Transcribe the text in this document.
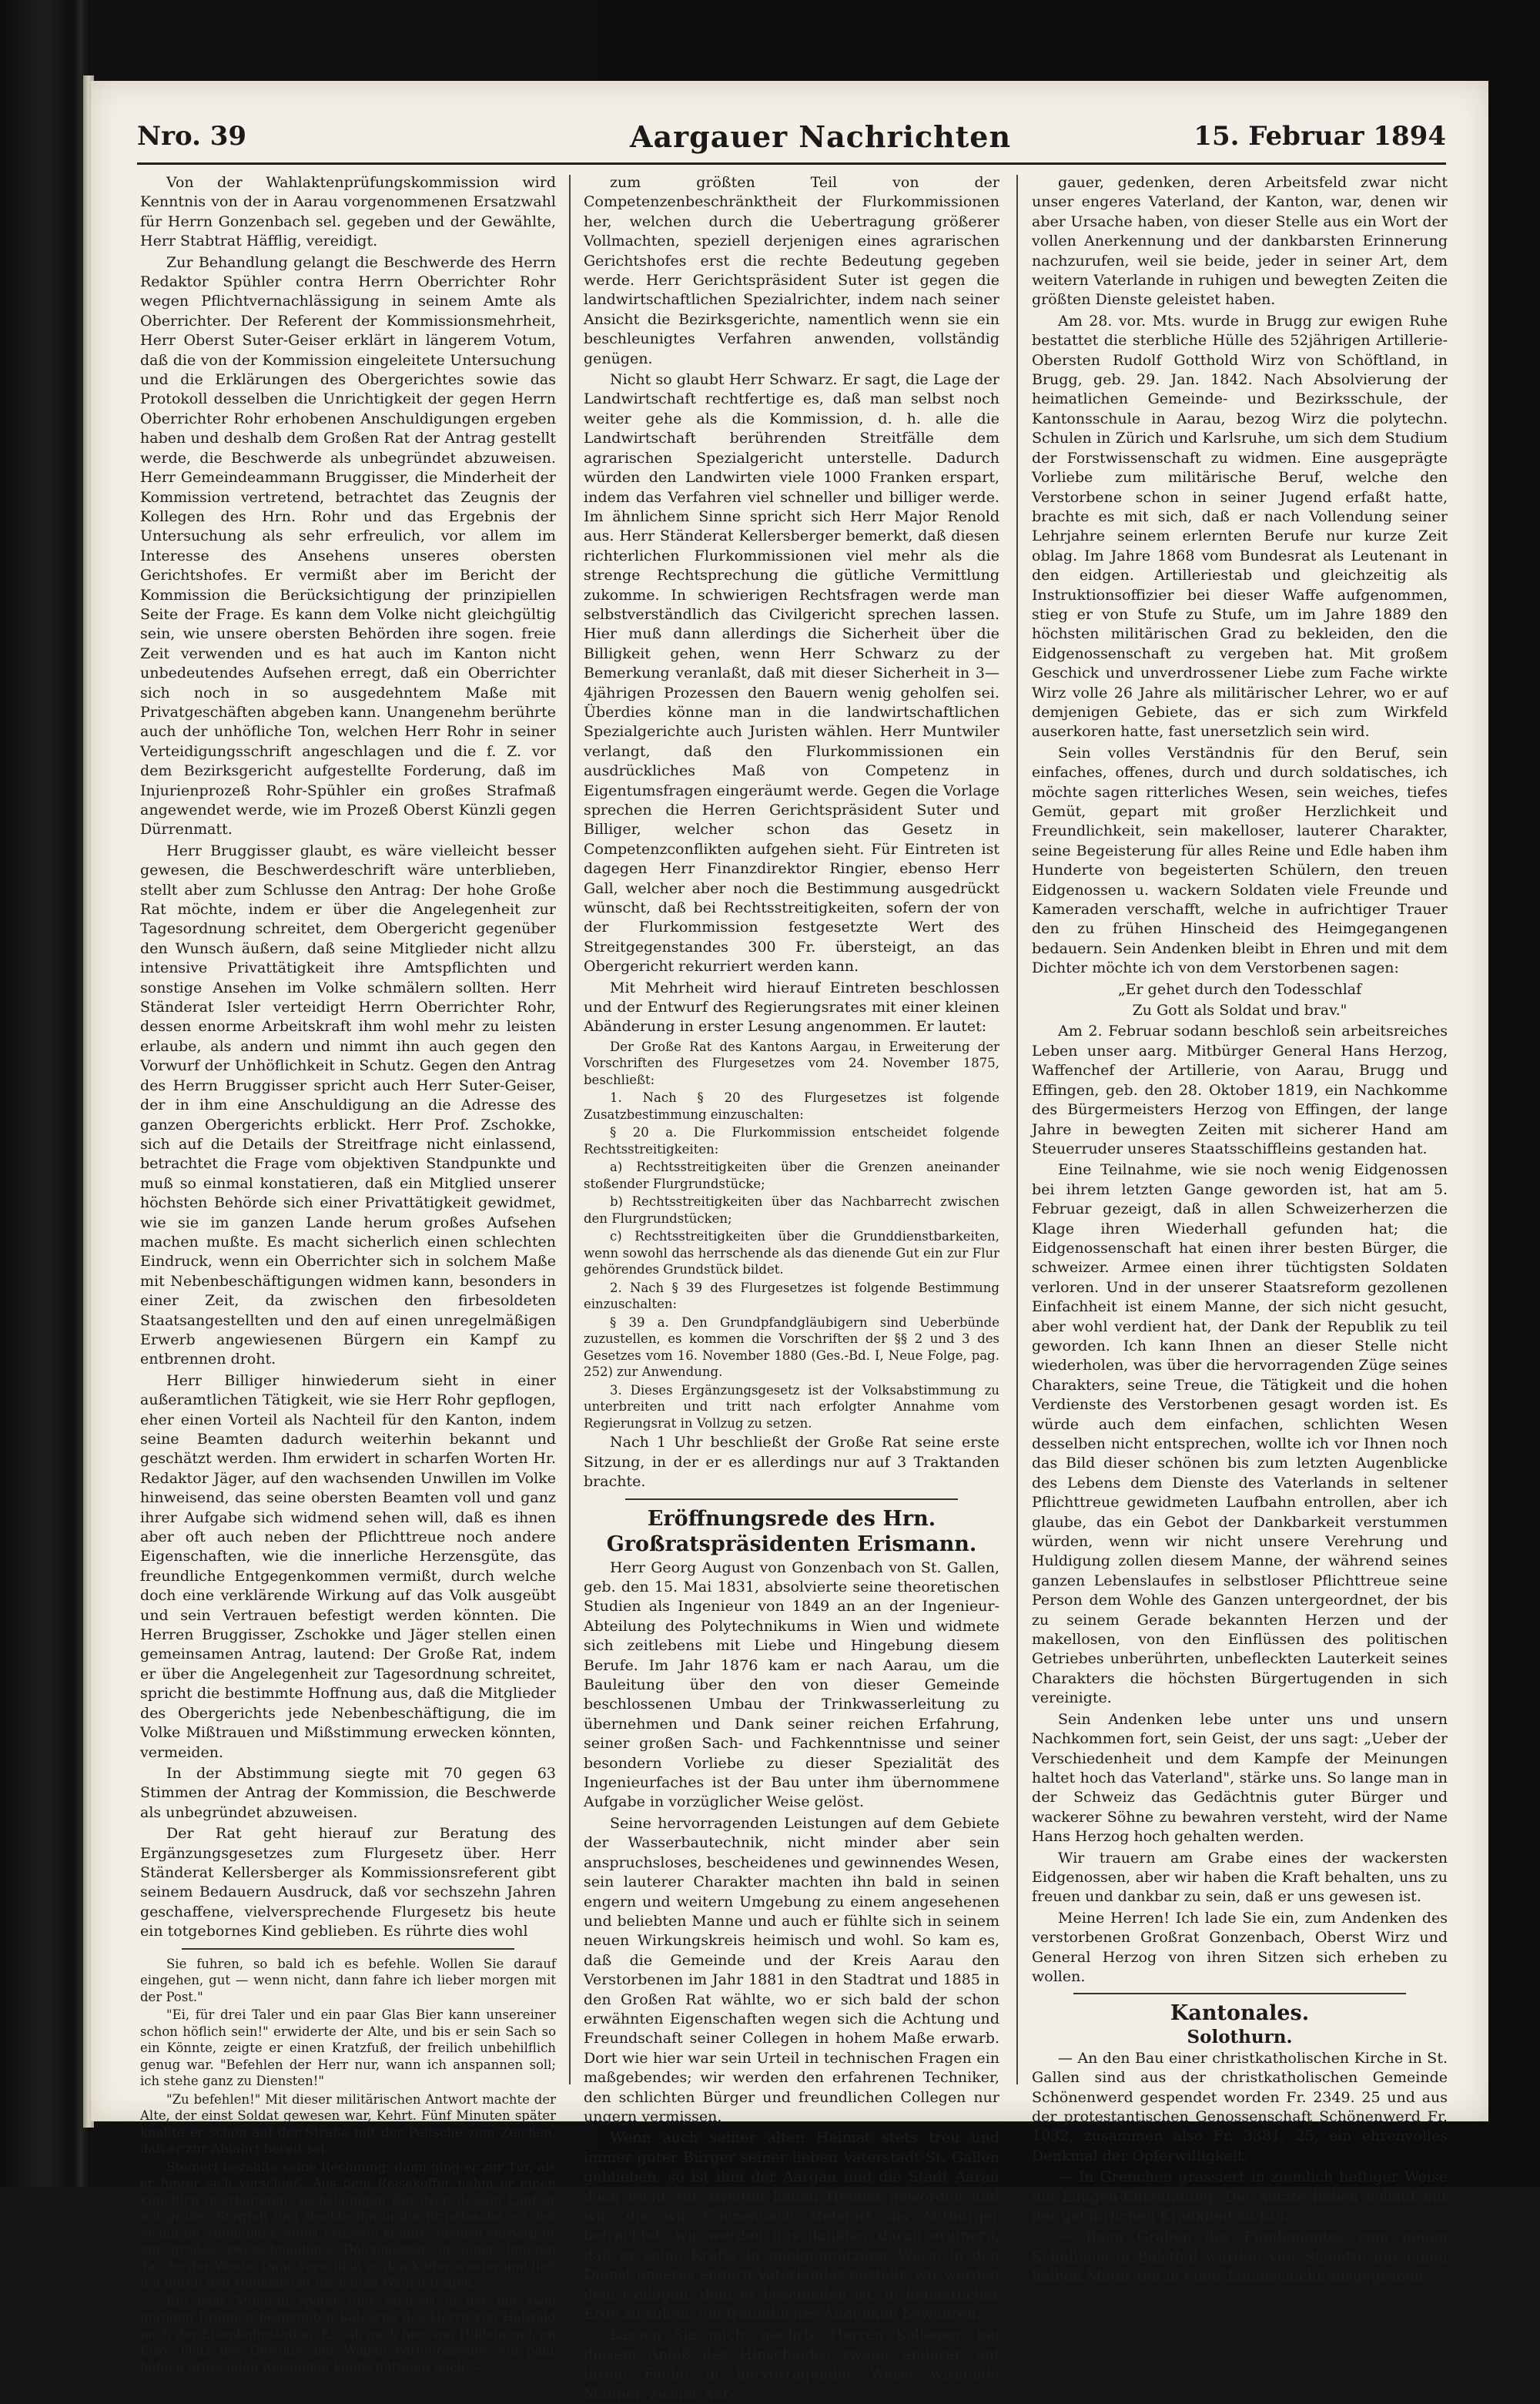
Nro. 39	Aargauer Nachrichten	15. Februar 1894

Von der Wahlaktenprüfungskommission wird Kenntnis von der in Aarau vorgenommenen Ersatzwahl für Herrn Gonzenbach sel. gegeben und der Gewählte, Herr Stabtrat Häfflig, vereidigt.

Zur Behandlung gelangt die Beschwerde des Herrn Redaktor Spühler contra Herrn Oberrichter Rohr wegen Pflichtvernachlässigung in seinem Amte als Oberrichter. Der Referent der Kommissionsmehrheit, Herr Oberst Suter-Geiser erklärt in längerem Votum, daß die von der Kommission eingeleitete Untersuchung und die Erklärungen des Obergerichtes sowie das Protokoll desselben die Unrichtigkeit der gegen Herrn Oberrichter Rohr erhobenen Anschuldigungen ergeben haben und deshalb dem Großen Rat der Antrag gestellt werde, die Beschwerde als unbegründet abzuweisen. Herr Gemeindeammann Bruggisser, die Minderheit der Kommission vertretend, betrachtet das Zeugnis der Kollegen des Hrn. Rohr und das Ergebnis der Untersuchung als sehr erfreulich, vor allem im Interesse des Ansehens unseres obersten Gerichtshofes. Er vermißt aber im Bericht der Kommission die Berücksichtigung der prinzipiellen Seite der Frage. Es kann dem Volke nicht gleichgültig sein, wie unsere obersten Behörden ihre sogen. freie Zeit verwenden und es hat auch im Kanton nicht unbedeutendes Aufsehen erregt, daß ein Oberrichter sich noch in so ausgedehntem Maße mit Privatgeschäften abgeben kann. Unangenehm berührte auch der unhöfliche Ton, welchen Herr Rohr in seiner Verteidigungsschrift angeschlagen und die f. Z. vor dem Bezirksgericht aufgestellte Forderung, daß im Injurienprozeß Rohr-Spühler ein großes Strafmaß angewendet werde, wie im Prozeß Oberst Künzli gegen Dürrenmatt.

Herr Bruggisser glaubt, es wäre vielleicht besser gewesen, die Beschwerdeschrift wäre unterblieben, stellt aber zum Schlusse den Antrag: Der hohe Große Rat möchte, indem er über die Angelegenheit zur Tagesordnung schreitet, dem Obergericht gegenüber den Wunsch äußern, daß seine Mitglieder nicht allzu intensive Privattätigkeit ihre Amtspflichten und sonstige Ansehen im Volke schmälern sollten. Herr Ständerat Isler verteidigt Herrn Oberrichter Rohr, dessen enorme Arbeitskraft ihm wohl mehr zu leisten erlaube, als andern und nimmt ihn auch gegen den Vorwurf der Unhöflichkeit in Schutz. Gegen den Antrag des Herrn Bruggisser spricht auch Herr Suter-Geiser, der in ihm eine Anschuldigung an die Adresse des ganzen Obergerichts erblickt. Herr Prof. Zschokke, sich auf die Details der Streitfrage nicht einlassend, betrachtet die Frage vom objektiven Standpunkte und muß so einmal konstatieren, daß ein Mitglied unserer höchsten Behörde sich einer Privattätigkeit gewidmet, wie sie im ganzen Lande herum großes Aufsehen machen mußte. Es macht sicherlich einen schlechten Eindruck, wenn ein Oberrichter sich in solchem Maße mit Nebenbeschäftigungen widmen kann, besonders in einer Zeit, da zwischen den firbesoldeten Staatsangestellten und den auf einen unregelmäßigen Erwerb angewiesenen Bürgern ein Kampf zu entbrennen droht.

Herr Billiger hinwiederum sieht in einer außeramtlichen Tätigkeit, wie sie Herr Rohr gepflogen, eher einen Vorteil als Nachteil für den Kanton, indem seine Beamten dadurch weiterhin bekannt und geschätzt werden. Ihm erwidert in scharfen Worten Hr. Redaktor Jäger, auf den wachsenden Unwillen im Volke hinweisend, das seine obersten Beamten voll und ganz ihrer Aufgabe sich widmend sehen will, daß es ihnen aber oft auch neben der Pflichttreue noch andere Eigenschaften, wie die innerliche Herzensgüte, das freundliche Entgegenkommen vermißt, durch welche doch eine verklärende Wirkung auf das Volk ausgeübt und sein Vertrauen befestigt werden könnten. Die Herren Bruggisser, Zschokke und Jäger stellen einen gemeinsamen Antrag, lautend: Der Große Rat, indem er über die Angelegenheit zur Tagesordnung schreitet, spricht die bestimmte Hoffnung aus, daß die Mitglieder des Obergerichts jede Nebenbeschäftigung, die im Volke Mißtrauen und Mißstimmung erwecken könnten, vermeiden.

In der Abstimmung siegte mit 70 gegen 63 Stimmen der Antrag der Kommission, die Beschwerde als unbegründet abzuweisen.

Der Rat geht hierauf zur Beratung des Ergänzungsgesetzes zum Flurgesetz über. Herr Ständerat Kellersberger als Kommissionsreferent gibt seinem Bedauern Ausdruck, daß vor sechszehn Jahren geschaffene, vielversprechende Flurgesetz bis heute ein totgebornes Kind geblieben. Es rührte dies wohl

Sie fuhren, so bald ich es befehle. Wollen Sie darauf eingehen, gut — wenn nicht, dann fahre ich lieber morgen mit der Post."

"Ei, für drei Taler und ein paar Glas Bier kann unsereiner schon höflich sein!" erwiderte der Alte, und bis er sein Sach so ein Könnte, zeigte er einen Kratzfuß, der freilich unbehilflich genug war. "Befehlen der Herr nur, wann ich anspannen soll; ich stehe ganz zu Diensten!"

"Zu befehlen!" Mit dieser militärischen Antwort machte der Alte, der einst Soldat gewesen war, Kehrt. Fünf Minuten später knallte er schon auf der Straße mit der Peitsche zum Zeichen, daß er zur Abfahrt bereit sei.

Steinert bezahlte seine Rechnung, dann ging er zur Tür, als er hinter sich verschloß. Aus dem Reisekoffer nahm er einen künstlich gearbeiteten, sechsläufigen Revolver, dessen Lauf er mit großer Sorgfalt und steckte ihn in die Brusttasche, so daß er ihn im Augenblick sofort erfassen konnte; ebenso verbarg er ein großes zweischneidiges Dolchmesser in einer inneren Tasche der Weste. Dann verschloß er den Koffer wieder und ließ ihn durch den Hausknecht nach dem Wagen tragen.

Ein paar Minuten später fuhr Steinert in der mit zwei mutigen Braunen bespannten Kalesche des Herrn von Helwald nach der Eisenbahnstation. Er sah auch hier von Hildebrand, an Ecke Platz des Gewölbe der Wagen vorbeirasselte, ein paar höflich grüßenden Reisenden kopfschüttelnd nach. —

zum größten Teil von der Competenzenbeschränktheit der Flurkommissionen her, welchen durch die Uebertragung größerer Vollmachten, speziell derjenigen eines agrarischen Gerichtshofes erst die rechte Bedeutung gegeben werde. Herr Gerichtspräsident Suter ist gegen die landwirtschaftlichen Spezialrichter, indem nach seiner Ansicht die Bezirksgerichte, namentlich wenn sie ein beschleunigtes Verfahren anwenden, vollständig genügen.

Nicht so glaubt Herr Schwarz. Er sagt, die Lage der Landwirtschaft rechtfertige es, daß man selbst noch weiter gehe als die Kommission, d. h. alle die Landwirtschaft berührenden Streitfälle dem agrarischen Spezialgericht unterstelle. Dadurch würden den Landwirten viele 1000 Franken erspart, indem das Verfahren viel schneller und billiger werde. Im ähnlichem Sinne spricht sich Herr Major Renold aus. Herr Ständerat Kellersberger bemerkt, daß diesen richterlichen Flurkommissionen viel mehr als die strenge Rechtsprechung die gütliche Vermittlung zukomme. In schwierigen Rechtsfragen werde man selbstverständlich das Civilgericht sprechen lassen. Hier muß dann allerdings die Sicherheit über die Billigkeit gehen, wenn Herr Schwarz zu der Bemerkung veranlaßt, daß mit dieser Sicherheit in 3—4jährigen Prozessen den Bauern wenig geholfen sei. Überdies könne man in die landwirtschaftlichen Spezialgerichte auch Juristen wählen. Herr Muntwiler verlangt, daß den Flurkommissionen ein ausdrückliches Maß von Competenz in Eigentumsfragen eingeräumt werde. Gegen die Vorlage sprechen die Herren Gerichtspräsident Suter und Billiger, welcher schon das Gesetz in Competenzconflikten aufgehen sieht. Für Eintreten ist dagegen Herr Finanzdirektor Ringier, ebenso Herr Gall, welcher aber noch die Bestimmung ausgedrückt wünscht, daß bei Rechtsstreitigkeiten, sofern der von der Flurkommission festgesetzte Wert des Streitgegenstandes 300 Fr. übersteigt, an das Obergericht rekurriert werden kann.

Mit Mehrheit wird hierauf Eintreten beschlossen und der Entwurf des Regierungsrates mit einer kleinen Abänderung in erster Lesung angenommen. Er lautet:

Der Große Rat des Kantons Aargau, in Erweiterung der Vorschriften des Flurgesetzes vom 24. November 1875, beschließt:

1. Nach § 20 des Flurgesetzes ist folgende Zusatzbestimmung einzuschalten:

§ 20 a. Die Flurkommission entscheidet folgende Rechtsstreitigkeiten:

a) Rechtsstreitigkeiten über die Grenzen aneinander stoßender Flurgrundstücke;

b) Rechtsstreitigkeiten über das Nachbarrecht zwischen den Flurgrundstücken;

c) Rechtsstreitigkeiten über die Grunddienstbarkeiten, wenn sowohl das herrschende als das dienende Gut ein zur Flur gehörendes Grundstück bildet.

2. Nach § 39 des Flurgesetzes ist folgende Bestimmung einzuschalten:

§ 39 a. Den Grundpfandgläubigern sind Ueberbünde zuzustellen, es kommen die Vorschriften der §§ 2 und 3 des Gesetzes vom 16. November 1880 (Ges.-Bd. I, Neue Folge, pag. 252) zur Anwendung.

3. Dieses Ergänzungsgesetz ist der Volksabstimmung zu unterbreiten und tritt nach erfolgter Annahme vom Regierungsrat in Vollzug zu setzen.

Nach 1 Uhr beschließt der Große Rat seine erste Sitzung, in der er es allerdings nur auf 3 Traktanden brachte.

Eröffnungsrede des Hrn. Großratspräsidenten Erismann.

Herr Georg August von Gonzenbach von St. Gallen, geb. den 15. Mai 1831, absolvierte seine theoretischen Studien als Ingenieur von 1849 an an der Ingenieur-Abteilung des Polytechnikums in Wien und widmete sich zeitlebens mit Liebe und Hingebung diesem Berufe. Im Jahr 1876 kam er nach Aarau, um die Bauleitung über den von dieser Gemeinde beschlossenen Umbau der Trinkwasserleitung zu übernehmen und Dank seiner reichen Erfahrung, seiner großen Sach- und Fachkenntnisse und seiner besondern Vorliebe zu dieser Spezialität des Ingenieurfaches ist der Bau unter ihm übernommene Aufgabe in vorzüglicher Weise gelöst.

Seine hervorragenden Leistungen auf dem Gebiete der Wasserbautechnik, nicht minder aber sein anspruchsloses, bescheidenes und gewinnendes Wesen, sein lauterer Charakter machten ihn bald in seinen engern und weitern Umgebung zu einem angesehenen und beliebten Manne und auch er fühlte sich in seinem neuen Wirkungskreis heimisch und wohl. So kam es, daß die Gemeinde und der Kreis Aarau den Verstorbenen im Jahr 1881 in den Stadtrat und 1885 in den Großen Rat wählte, wo er sich bald der schon erwähnten Eigenschaften wegen sich die Achtung und Freundschaft seiner Collegen in hohem Maße erwarb. Dort wie hier war sein Urteil in technischen Fragen ein maßgebendes; wir werden den erfahrenen Techniker, den schlichten Bürger und freundlichen Collegen nur ungern vermissen.

Wenn auch seiner alten Heimat stets treu und immer guter Bürger seiner lieben Vaterstadt St. Gallen geblieben, so ist ihm der Aargau und die Stadt Aarau doch recht zur zweiten lieben Heimat geworden und wir, die wir Gonzenbach stetsfort als Mitbürger betrachtet, wir werden uns dankbar daran erinnern, daß er seine Kräfte in uneigennütziger Weise in den Dienst unseres engern Vaterlandes gestellt; wir werden dem Collegen, dem es beschieden ist, in heimatlicher Erde zu ruhen, ein freundliches Andenken bewahren.

Lassen Sie mich, geehrte Herren Kollegen, bei diesem Anlaß des Hinscheides zweier anderer, auf ihrem Fache in hervorragender Weise wirkende Männer, zweier Aar-

gauer, gedenken, deren Arbeitsfeld zwar nicht unser engeres Vaterland, der Kanton, war, denen wir aber Ursache haben, von dieser Stelle aus ein Wort der vollen Anerkennung und der dankbarsten Erinnerung nachzurufen, weil sie beide, jeder in seiner Art, dem weitern Vaterlande in ruhigen und bewegten Zeiten die größten Dienste geleistet haben.

Am 28. vor. Mts. wurde in Brugg zur ewigen Ruhe bestattet die sterbliche Hülle des 52jährigen Artillerie-Obersten Rudolf Gotthold Wirz von Schöftland, in Brugg, geb. 29. Jan. 1842. Nach Absolvierung der heimatlichen Gemeinde- und Bezirksschule, der Kantonsschule in Aarau, bezog Wirz die polytechn. Schulen in Zürich und Karlsruhe, um sich dem Studium der Forstwissenschaft zu widmen. Eine ausgeprägte Vorliebe zum militärische Beruf, welche den Verstorbene schon in seiner Jugend erfaßt hatte, brachte es mit sich, daß er nach Vollendung seiner Lehrjahre seinem erlernten Berufe nur kurze Zeit oblag. Im Jahre 1868 vom Bundesrat als Leutenant in den eidgen. Artilleriestab und gleichzeitig als Instruktionsoffizier bei dieser Waffe aufgenommen, stieg er von Stufe zu Stufe, um im Jahre 1889 den höchsten militärischen Grad zu bekleiden, den die Eidgenossenschaft zu vergeben hat. Mit großem Geschick und unverdrossener Liebe zum Fache wirkte Wirz volle 26 Jahre als militärischer Lehrer, wo er auf demjenigen Gebiete, das er sich zum Wirkfeld auserkoren hatte, fast unersetzlich sein wird.

Sein volles Verständnis für den Beruf, sein einfaches, offenes, durch und durch soldatisches, ich möchte sagen ritterliches Wesen, sein weiches, tiefes Gemüt, gepart mit großer Herzlichkeit und Freundlichkeit, sein makelloser, lauterer Charakter, seine Begeisterung für alles Reine und Edle haben ihm Hunderte von begeisterten Schülern, den treuen Eidgenossen u. wackern Soldaten viele Freunde und Kameraden verschafft, welche in aufrichtiger Trauer den zu frühen Hinscheid des Heimgegangenen bedauern. Sein Andenken bleibt in Ehren und mit dem Dichter möchte ich von dem Verstorbenen sagen:

„Er gehet durch den Todesschlaf

Zu Gott als Soldat und brav."

Am 2. Februar sodann beschloß sein arbeitsreiches Leben unser aarg. Mitbürger General Hans Herzog, Waffenchef der Artillerie, von Aarau, Brugg und Effingen, geb. den 28. Oktober 1819, ein Nachkomme des Bürgermeisters Herzog von Effingen, der lange Jahre in bewegten Zeiten mit sicherer Hand am Steuerruder unseres Staatsschiffleins gestanden hat.

Eine Teilnahme, wie sie noch wenig Eidgenossen bei ihrem letzten Gange geworden ist, hat am 5. Februar gezeigt, daß in allen Schweizerherzen die Klage ihren Wiederhall gefunden hat; die Eidgenossenschaft hat einen ihrer besten Bürger, die schweizer. Armee einen ihrer tüchtigsten Soldaten verloren. Und in der unserer Staatsreform gezollenen Einfachheit ist einem Manne, der sich nicht gesucht, aber wohl verdient hat, der Dank der Republik zu teil geworden. Ich kann Ihnen an dieser Stelle nicht wiederholen, was über die hervorragenden Züge seines Charakters, seine Treue, die Tätigkeit und die hohen Verdienste des Verstorbenen gesagt worden ist. Es würde auch dem einfachen, schlichten Wesen desselben nicht entsprechen, wollte ich vor Ihnen noch das Bild dieser schönen bis zum letzten Augenblicke des Lebens dem Dienste des Vaterlands in seltener Pflichttreue gewidmeten Laufbahn entrollen, aber ich glaube, das ein Gebot der Dankbarkeit verstummen würden, wenn wir nicht unsere Verehrung und Huldigung zollen diesem Manne, der während seines ganzen Lebenslaufes in selbstloser Pflichttreue seine Person dem Wohle des Ganzen untergeordnet, der bis zu seinem Gerade bekannten Herzen und der makellosen, von den Einflüssen des politischen Getriebes unberührten, unbefleckten Lauterkeit seines Charakters die höchsten Bürgertugenden in sich vereinigte.

Sein Andenken lebe unter uns und unsern Nachkommen fort, sein Geist, der uns sagt: „Ueber der Verschiedenheit und dem Kampfe der Meinungen haltet hoch das Vaterland", stärke uns. So lange man in der Schweiz das Gedächtnis guter Bürger und wackerer Söhne zu bewahren versteht, wird der Name Hans Herzog hoch gehalten werden.

Wir trauern am Grabe eines der wackersten Eidgenossen, aber wir haben die Kraft behalten, uns zu freuen und dankbar zu sein, daß er uns gewesen ist.

Meine Herren! Ich lade Sie ein, zum Andenken des verstorbenen Großrat Gonzenbach, Oberst Wirz und General Herzog von ihren Sitzen sich erheben zu wollen.

Kantonales.

Solothurn.

— An den Bau einer christkatholischen Kirche in St. Gallen sind aus der christkatholischen Gemeinde Schönenwerd gespendet worden Fr. 2349. 25 und aus der protestantischen Genossenschaft Schönenwerd Fr. 1032, zusammen also Fr. 3381. 25, ein ehrenvolles Denkmal der Opferwilligkeit.

— In Grenchen grassiert in ziemlich heftiger Weise die Lungen-Entzündung. Die Aerzte haben vollauf mit der gefährlichen Krankheit zu tun.

— Beim Graben des Fundamentes zum neuen Schulhaus in Balsthal wurden vier Skelette nur einen halben Meter tief in einer Lehmschicht ausgegraben.
